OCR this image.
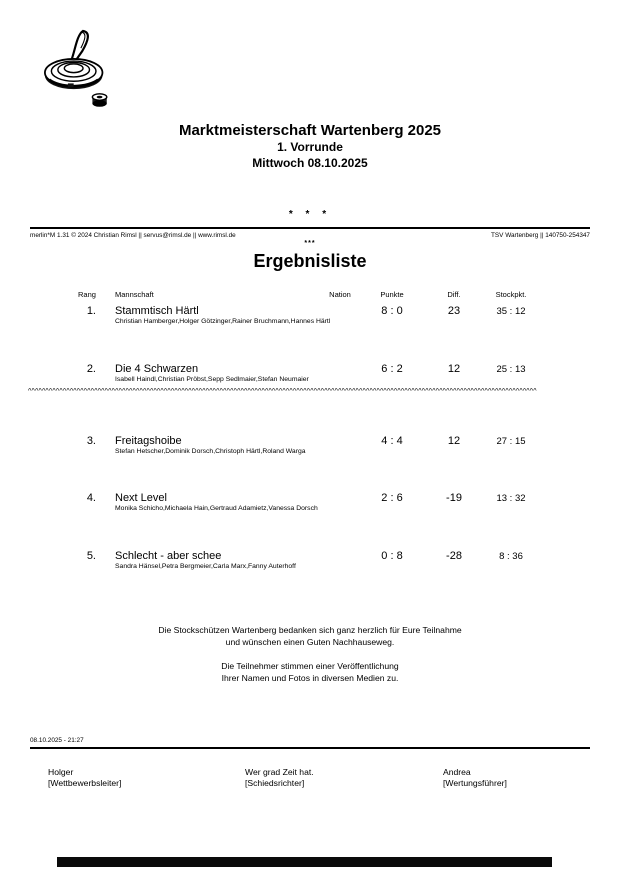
Marktmeisterschaft Wartenberg 2025
1. Vorrunde
Mittwoch 08.10.2025
* * *
merlin*M 1.31 © 2024 Christian Rimsl || servus@rimsl.de || www.rimsl.de	TSV Wartenberg || 140750-254347
***
Ergebnisliste
Rang	Mannschaft	Nation	Punkte	Diff.	Stockpkt.
1. Stammtisch Härtl	8 : 0	23	35 : 12
Christian Hamberger,Holger Götzinger,Rainer Bruchmann,Hannes Härtl
2. Die 4 Schwarzen	6 : 2	12	25 : 13
Isabell Haindl,Christian Pröbst,Sepp Sedlmaier,Stefan Neumaier
^^^^^^^^^^^^^^^^^^^^^^^^^^^^^^^^^^^^^^^^^^^^^^^^^^^^^^^^^^^^^^^^^^^^^^^^^^^^^^^^^^^^^^^^^^^^^^^^^^^^^^^^^^^^^^^^^^^^^^^^^^^^^^^^^^^^^^^^^^^^^^^^^^
3. Freitagshoibe	4 : 4	12	27 : 15
Stefan Hetscher,Dominik Dorsch,Christoph Härtl,Roland Warga
4. Next Level	2 : 6	-19	13 : 32
Monika Schicho,Michaela Hain,Gertraud Adamietz,Vanessa Dorsch
5. Schlecht - aber schee	0 : 8	-28	8 : 36
Sandra Hänsel,Petra Bergmeier,Carla Marx,Fanny Auterhoff
Die Stockschützen Wartenberg bedanken sich ganz herzlich für Eure Teilnahme
und wünschen einen Guten Nachhauseweg.
Die Teilnehmer stimmen einer Veröffentlichung
Ihrer Namen und Fotos in diversen Medien zu.
08.10.2025 - 21:27
Holger
[Wettbewerbsleiter]
Wer grad Zeit hat.
[Schiedsrichter]
Andrea
[Wertungsführer]
